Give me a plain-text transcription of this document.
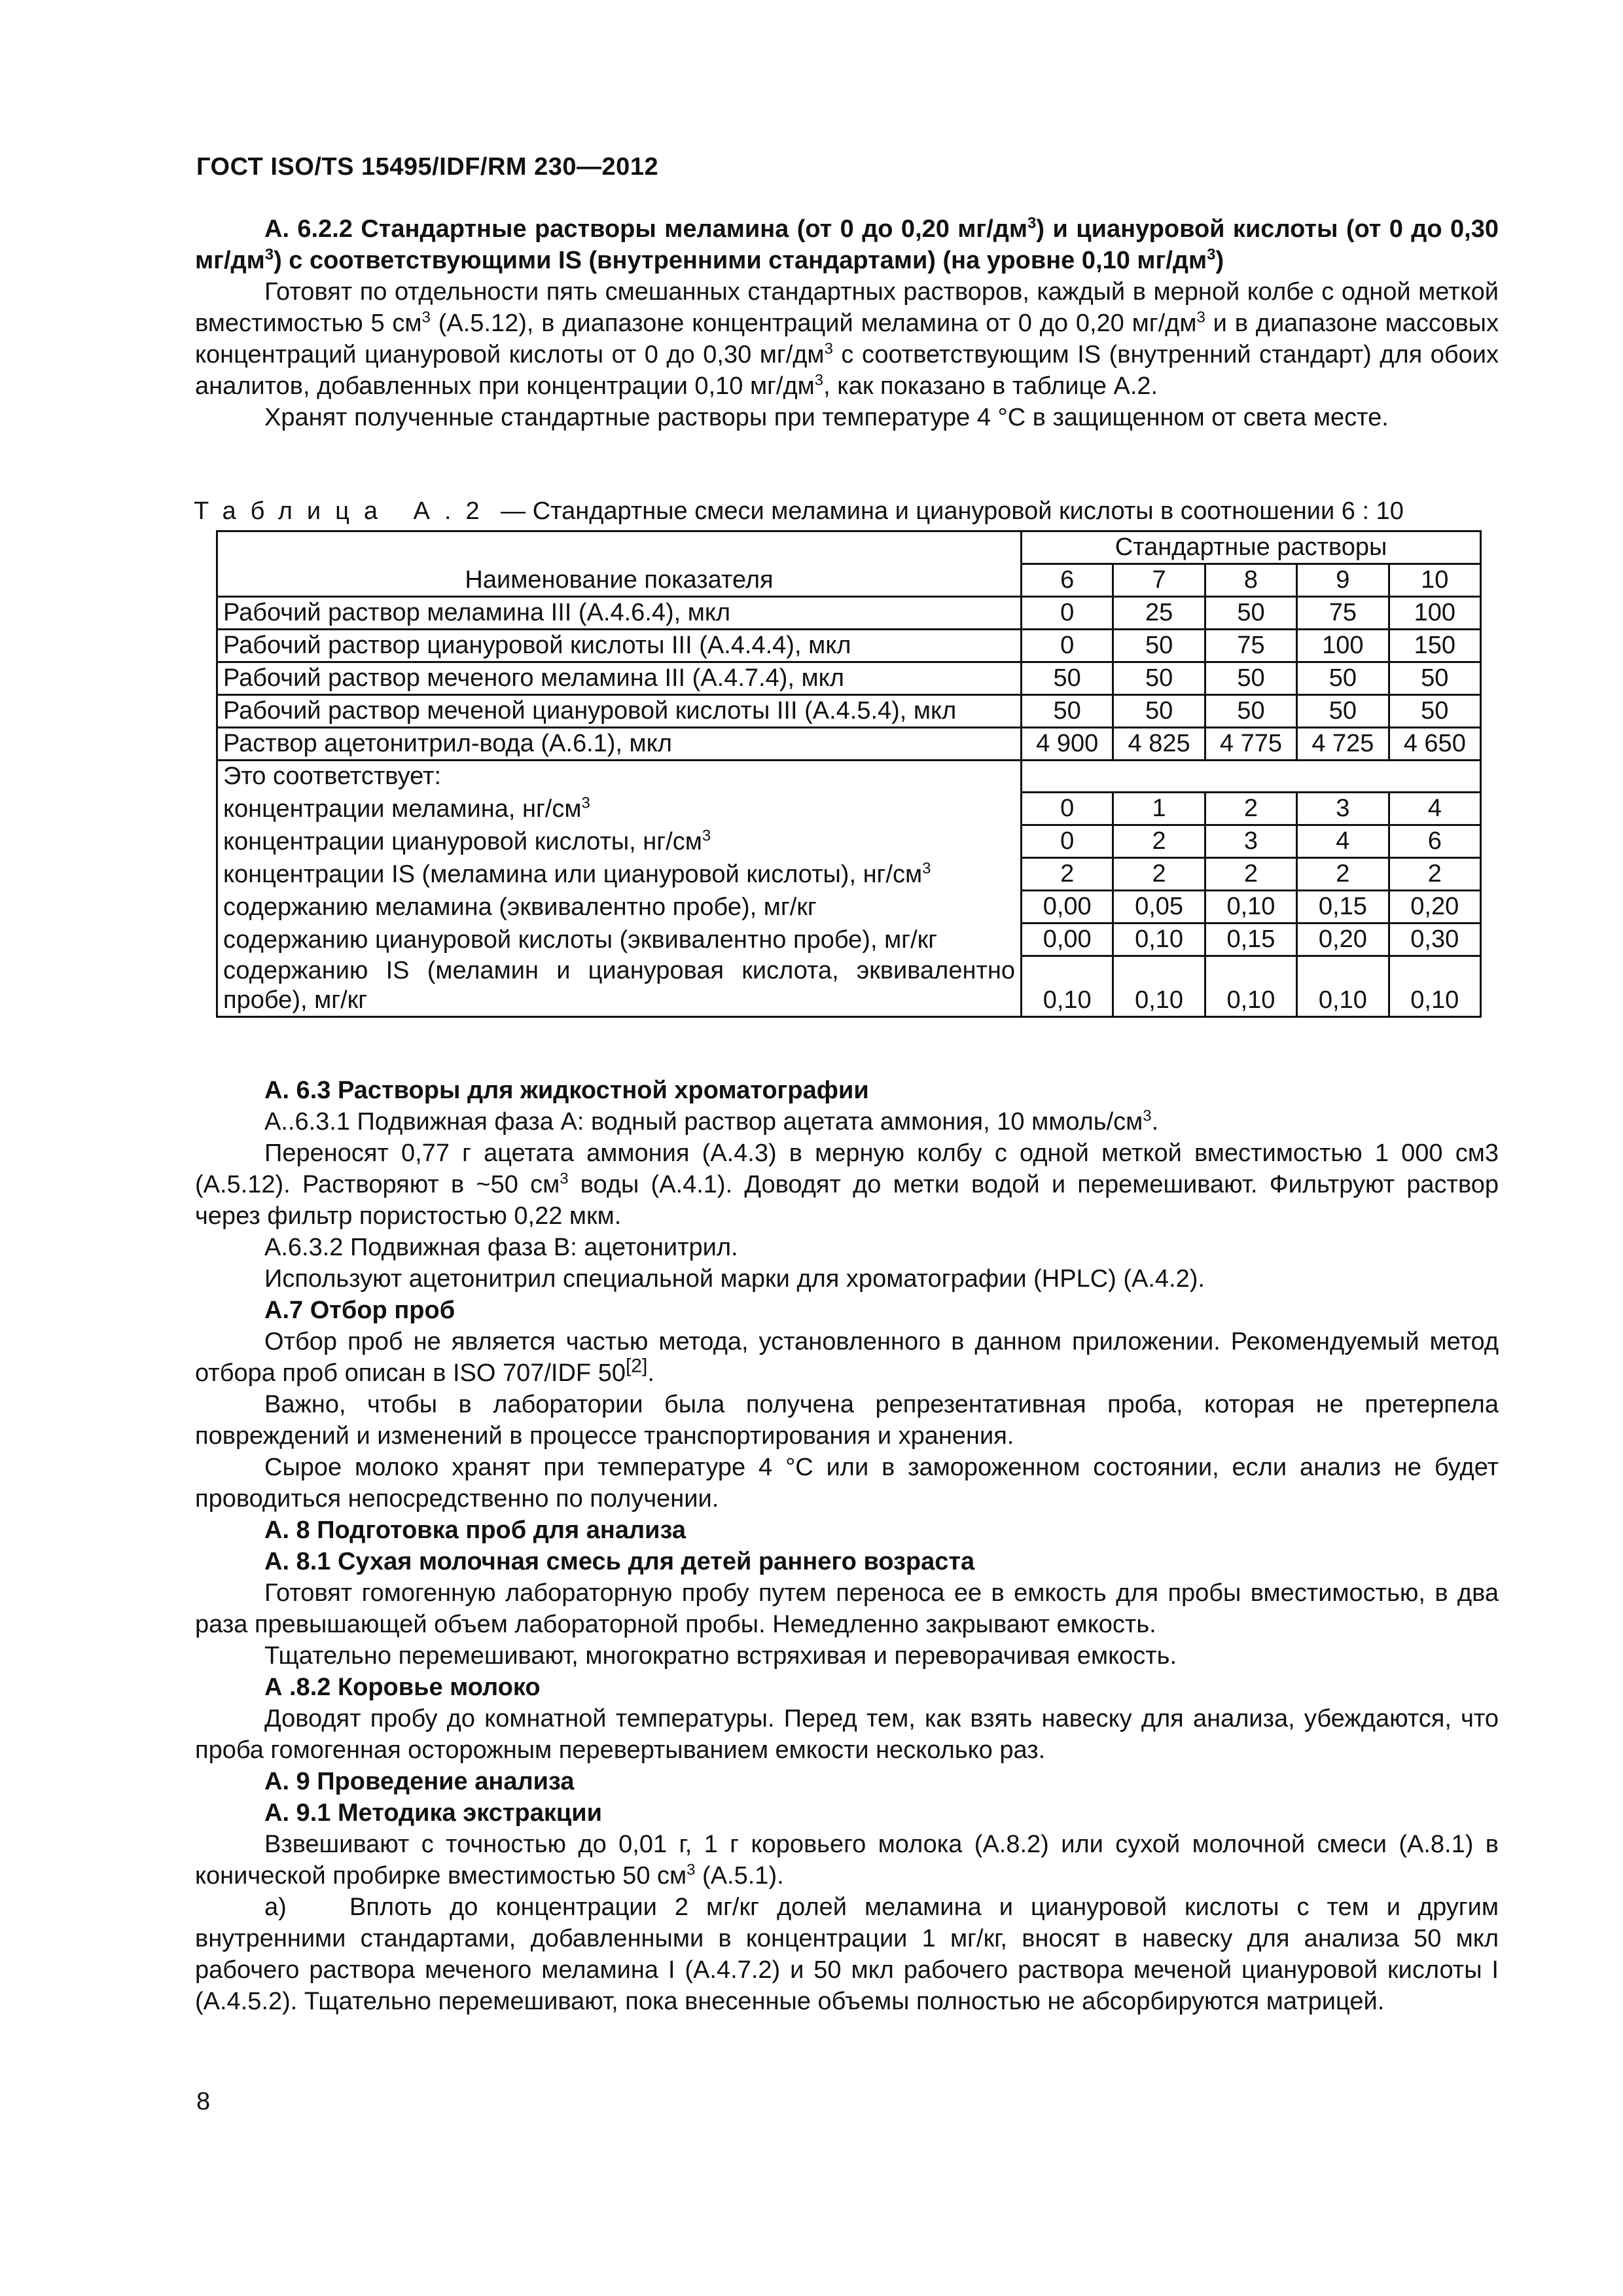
ГОСТ ISO/TS 15495/IDF/RM 230—2012

А. 6.2.2 Стандартные растворы меламина (от 0 до 0,20 $мг/дм^3$) и циануровой кислоты (от 0 до 0,30 $мг/дм^3$) с соответствующими IS (внутренними стандартами) (на уровне 0,10 $мг/дм^3$)

Готовят по отдельности пять смешанных стандартных растворов, каждый в мерной колбе с одной меткой вместимостью 5 $см^3$ (А.5.12), в диапазоне концентраций меламина от 0 до 0,20 $мг/дм^3$ и в диапазоне массовых концентраций циануровой кислоты от 0 до 0,30 $мг/дм^3$ с соответствующим IS (внутренний стандарт) для обоих аналитов, добавленных при концентрации 0,10 $мг/дм^3$, как показано в таблице А.2.

Хранят полученные стандартные растворы при температуре 4 °С в защищенном от света месте.

Таблица А.2 — Стандартные смеси меламина и циануровой кислоты в соотношении 6 : 10
Наименование показателя	Стандартные растворы				
	6	7	8	9	10
Рабочий раствор меламина III (А.4.6.4), мкл	0	25	50	75	100
Рабочий раствор циануровой кислоты III (А.4.4.4), мкл	0	50	75	100	150
Рабочий раствор меченого меламина III (А.4.7.4), мкл	50	50	50	50	50
Рабочий раствор меченой циануровой кислоты III (А.4.5.4), мкл	50	50	50	50	50
Раствор ацетонитрил-вода (А.6.1), мкл	4 900	4 825	4 775	4 725	4 650
Это соответствует:					
концентрации меламина, $нг/см^3$	0	1	2	3	4
концентрации циануровой кислоты, $нг/см^3$	0	2	3	4	6
концентрации IS (меламина или циануровой кислоты), $нг/см^3$	2	2	2	2	2
содержанию меламина (эквивалентно пробе), мг/кг	0,00	0,05	0,10	0,15	0,20
содержанию циануровой кислоты (эквивалентно пробе), мг/кг	0,00	0,10	0,15	0,20	0,30
содержанию IS (меламин и циануровая кислота, эквивалентно пробе), мг/кг	0,10	0,10	0,10	0,10	0,10

А. 6.3 Растворы для жидкостной хроматографии

А..6.3.1 Подвижная фаза А: водный раствор ацетата аммония, 10 ммоль/$см^3$.

Переносят 0,77 г ацетата аммония (А.4.3) в мерную колбу с одной меткой вместимостью 1 000 см3 (А.5.12). Растворяют в ~50 $см^3$ воды (А.4.1). Доводят до метки водой и перемешивают. Фильтруют раствор через фильтр пористостью 0,22 мкм.

А.6.3.2 Подвижная фаза В: ацетонитрил.

Используют ацетонитрил специальной марки для хроматографии (HPLC) (А.4.2).

А.7 Отбор проб

Отбор проб не является частью метода, установленного в данном приложении. Рекомендуемый метод отбора проб описан в ISO 707/IDF 50[2].

Важно, чтобы в лаборатории была получена репрезентативная проба, которая не претерпела повреждений и изменений в процессе транспортирования и хранения.

Сырое молоко хранят при температуре 4 °С или в замороженном состоянии, если анализ не будет проводиться непосредственно по получении.

А. 8 Подготовка проб для анализа

А. 8.1 Сухая молочная смесь для детей раннего возраста

Готовят гомогенную лабораторную пробу путем переноса ее в емкость для пробы вместимостью, в два раза превышающей объем лабораторной пробы. Немедленно закрывают емкость.

Тщательно перемешивают, многократно встряхивая и переворачивая емкость.

А .8.2 Коровье молоко

Доводят пробу до комнатной температуры. Перед тем, как взять навеску для анализа, убеждаются, что проба гомогенная осторожным перевертыванием емкости несколько раз.

А. 9 Проведение анализа

А. 9.1 Методика экстракции

Взвешивают с точностью до 0,01 г, 1 г коровьего молока (А.8.2) или сухой молочной смеси (А.8.1) в конической пробирке вместимостью 50 $см^3$ (А.5.1).

а)	Вплоть до концентрации 2 мг/кг долей меламина и циануровой кислоты с тем и другим внутренними стандартами, добавленными в концентрации 1 мг/кг, вносят в навеску для анализа 50 мкл рабочего раствора меченого меламина I (А.4.7.2) и 50 мкл рабочего раствора меченой циануровой кислоты I (А.4.5.2). Тщательно перемешивают, пока внесенные объемы полностью не абсорбируются матрицей.

8
